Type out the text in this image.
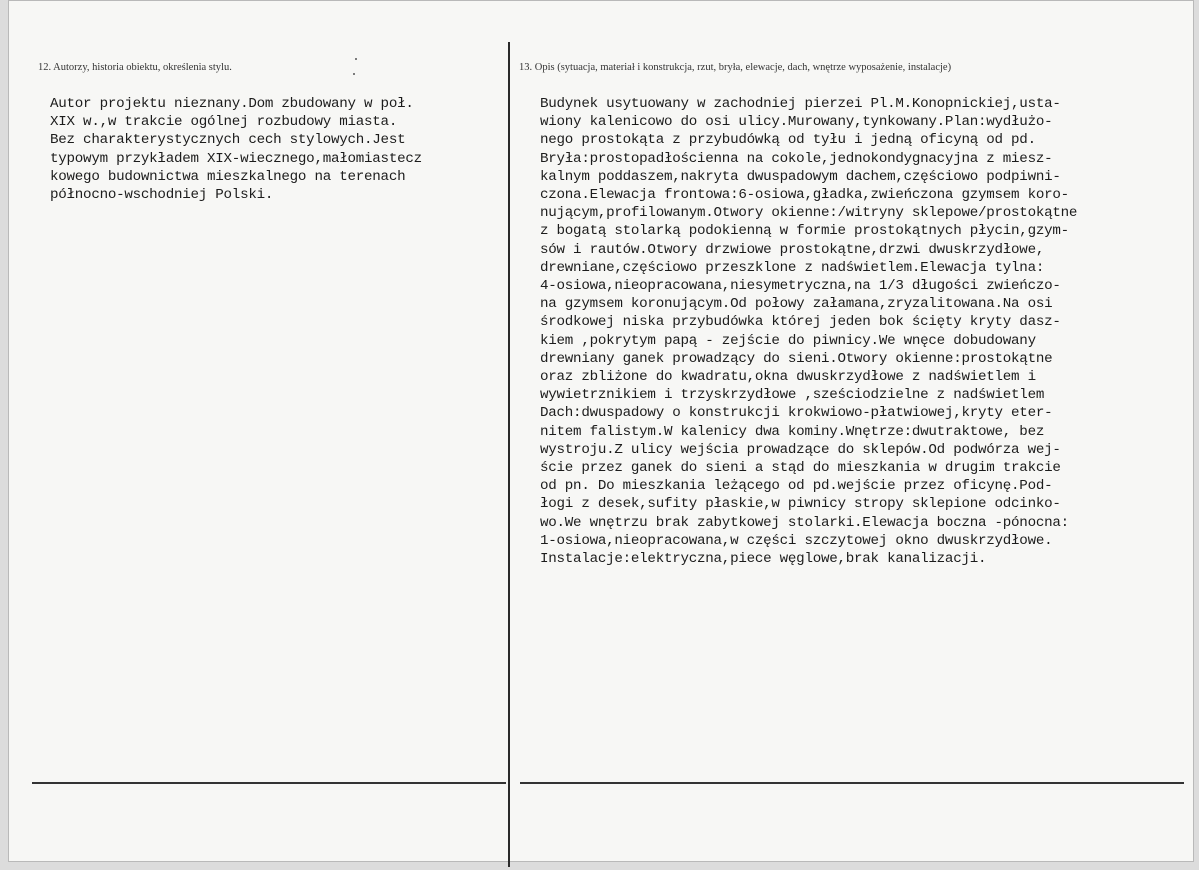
12. Autorzy, historia obiektu, określenia stylu.	13. Opis (sytuacja, materiał i konstrukcja, rzut, bryła, elewacje, dach, wnętrze wyposażenie, instalacje)
Autor projektu nieznany.Dom zbudowany w poł.
XIX w.,w trakcie ogólnej rozbudowy miasta.
Bez charakterystycznych cech stylowych.Jest
typowym przykładem XIX-wiecznego,małomiastecz
kowego budownictwa mieszkalnego na terenach
północno-wschodniej Polski.
Budynek usytuowany w zachodniej pierzei Pl.M.Konopnickiej,usta-
wiony kalenicowo do osi ulicy.Murowany,tynkowany.Plan:wydłużo-
nego prostokąta z przybudówką od tyłu i jedną oficyną od pd.
Bryła:prostopadłościenna na cokole,jednokondygnacyjna z miesz-
kalnym poddaszem,nakryta dwuspadowym dachem,częściowo podpiwni-
czona.Elewacja frontowa:6-osiowa,gładka,zwieńczona gzymsem koro-
nującym,profilowanym.Otwory okienne:/witryny sklepowe/prostokątne
z bogatą stolarką podokienną w formie prostokątnych płycin,gzym-
sów i rautów.Otwory drzwiowe prostokątne,drzwi dwuskrzydłowe,
drewniane,częściowo przeszklone z nadświetlem.Elewacja tylna:
4-osiowa,nieopracowana,niesymetryczna,na 1/3 długości zwieńczo-
na gzymsem koronującym.Od połowy załamana,zryzalitowana.Na osi
środkowej niska przybudówka której jeden bok ścięty kryty dasz-
kiem ,pokrytym papą - zejście do piwnicy.We wnęce dobudowany
drewniany ganek prowadzący do sieni.Otwory okienne:prostokątne
oraz zbliżone do kwadratu,okna dwuskrzydłowe z nadświetlem i
wywietrznikiem i trzyskrzydłowe ,sześciodzielne z nadświetlem
Dach:dwuspadowy o konstrukcji krokwiowo-płatwiowej,kryty eter-
nitem falistym.W kalenicy dwa kominy.Wnętrze:dwutraktowe, bez
wystroju.Z ulicy wejścia prowadzące do sklepów.Od podwórza wej-
ście przez ganek do sieni a stąd do mieszkania w drugim trakcie
od pn. Do mieszkania leżącego od pd.wejście przez oficynę.Pod-
łogi z desek,sufity płaskie,w piwnicy stropy sklepione odcinko-
wo.We wnętrzu brak zabytkowej stolarki.Elewacja boczna -pónocna:
1-osiowa,nieopracowana,w części szczytowej okno dwuskrzydłowe.
Instalacje:elektryczna,piece węglowe,brak kanalizacji.
